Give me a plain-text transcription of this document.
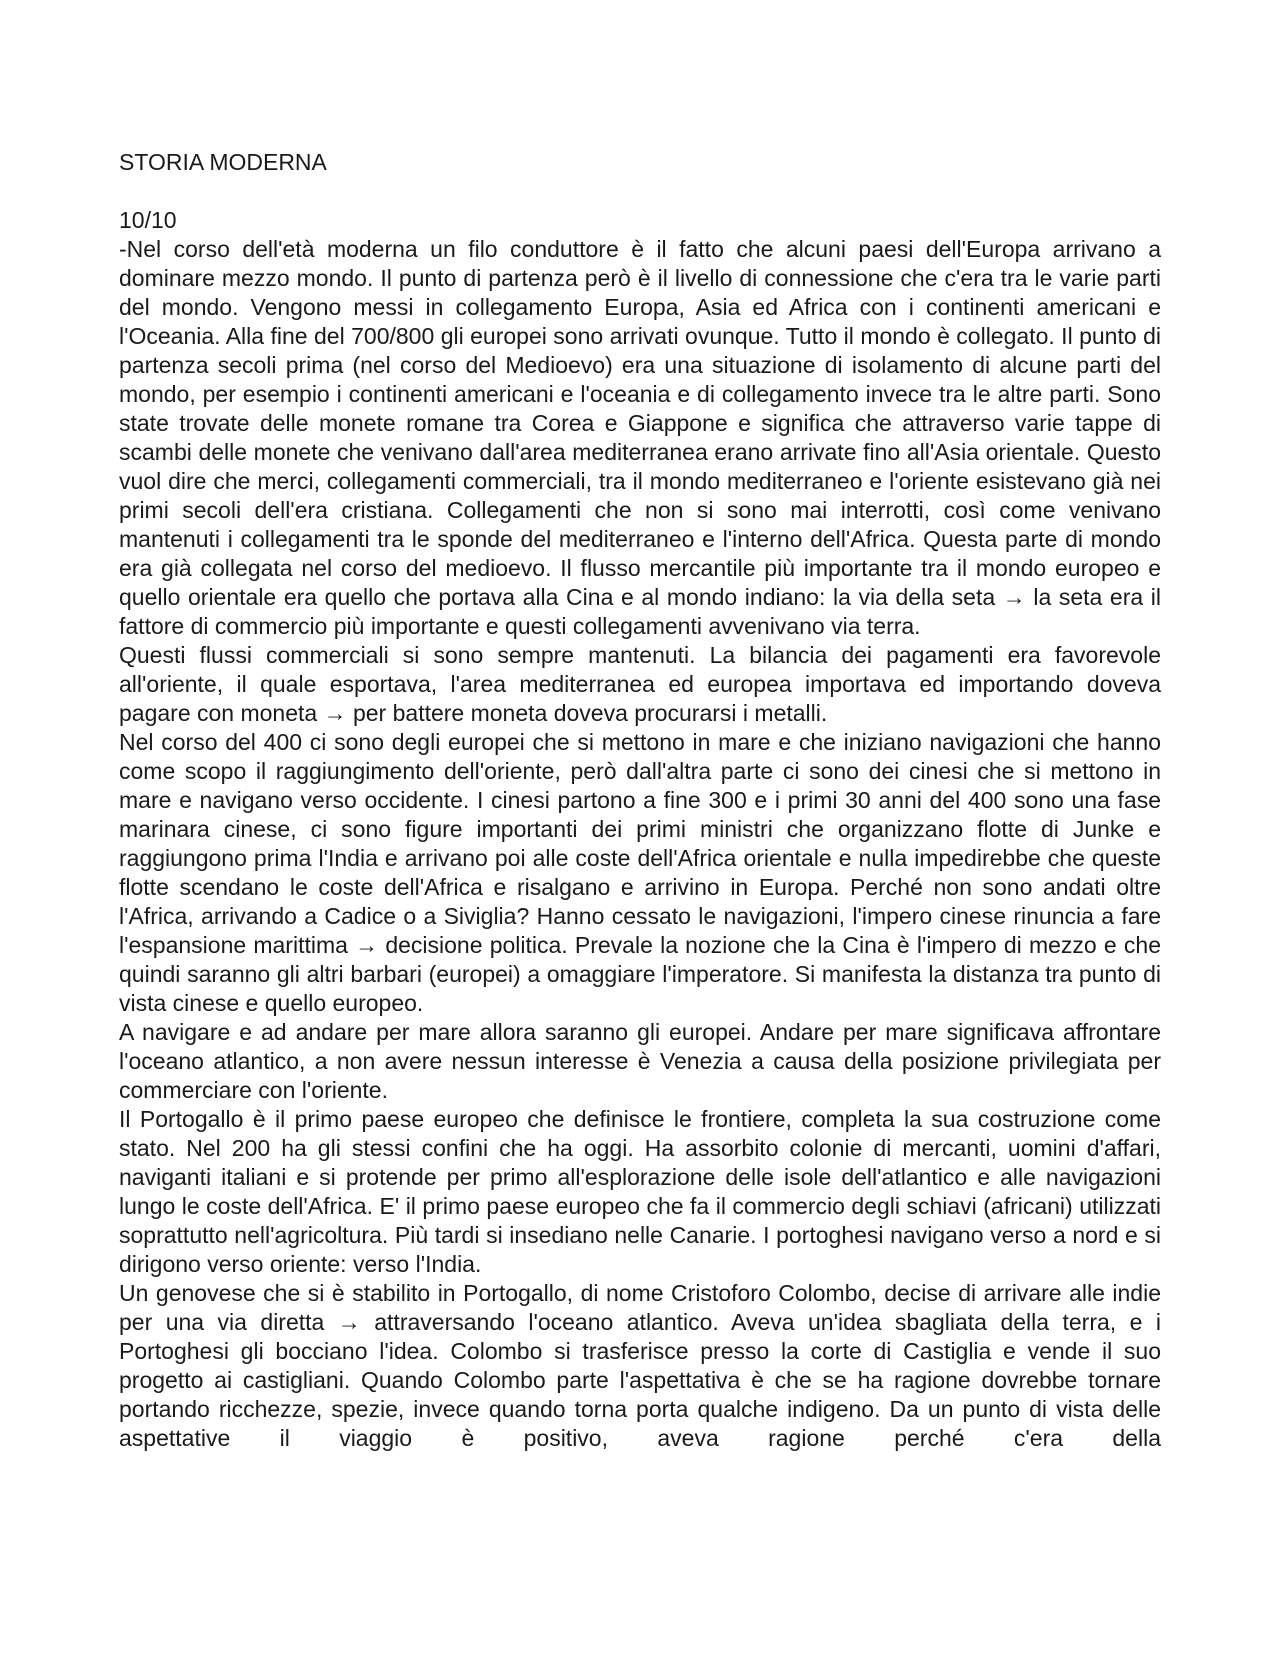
STORIA MODERNA

10/10

-Nel corso dell'età moderna un filo conduttore è il fatto che alcuni paesi dell'Europa arrivano a dominare mezzo mondo. Il punto di partenza però è il livello di connessione che c'era tra le varie parti del mondo. Vengono messi in collegamento Europa, Asia ed Africa con i continenti americani e l'Oceania. Alla fine del 700/800 gli europei sono arrivati ovunque. Tutto il mondo è collegato. Il punto di partenza secoli prima (nel corso del Medioevo) era una situazione di isolamento di alcune parti del mondo, per esempio i continenti americani e l'oceania e di collegamento invece tra le altre parti. Sono state trovate delle monete romane tra Corea e Giappone e significa che attraverso varie tappe di scambi delle monete che venivano dall'area mediterranea erano arrivate fino all'Asia orientale. Questo vuol dire che merci, collegamenti commerciali, tra il mondo mediterraneo e l'oriente esistevano già nei primi secoli dell'era cristiana. Collegamenti che non si sono mai interrotti, così come venivano mantenuti i collegamenti tra le sponde del mediterraneo e l'interno dell'Africa. Questa parte di mondo era già collegata nel corso del medioevo. Il flusso mercantile più importante tra il mondo europeo e quello orientale era quello che portava alla Cina e al mondo indiano: la via della seta → la seta era il fattore di commercio più importante e questi collegamenti avvenivano via terra.

Questi flussi commerciali si sono sempre mantenuti. La bilancia dei pagamenti era favorevole all'oriente, il quale esportava, l'area mediterranea ed europea importava ed importando doveva pagare con moneta → per battere moneta doveva procurarsi i metalli.

Nel corso del 400 ci sono degli europei che si mettono in mare e che iniziano navigazioni che hanno come scopo il raggiungimento dell'oriente, però dall'altra parte ci sono dei cinesi che si mettono in mare e navigano verso occidente. I cinesi partono a fine 300 e i primi 30 anni del 400 sono una fase marinara cinese, ci sono figure importanti dei primi ministri che organizzano flotte di Junke e raggiungono prima l'India e arrivano poi alle coste dell'Africa orientale e nulla impedirebbe che queste flotte scendano le coste dell'Africa e risalgano e arrivino in Europa. Perché non sono andati oltre l'Africa, arrivando a Cadice o a Siviglia? Hanno cessato le navigazioni, l'impero cinese rinuncia a fare l'espansione marittima → decisione politica. Prevale la nozione che la Cina è l'impero di mezzo e che quindi saranno gli altri barbari (europei) a omaggiare l'imperatore. Si manifesta la distanza tra punto di vista cinese e quello europeo.

A navigare e ad andare per mare allora saranno gli europei. Andare per mare significava affrontare l'oceano atlantico, a non avere nessun interesse è Venezia a causa della posizione privilegiata per commerciare con l'oriente.

Il Portogallo è il primo paese europeo che definisce le frontiere, completa la sua costruzione come stato. Nel 200 ha gli stessi confini che ha oggi. Ha assorbito colonie di mercanti, uomini d'affari, naviganti italiani e si protende per primo all'esplorazione delle isole dell'atlantico e alle navigazioni lungo le coste dell'Africa. E' il primo paese europeo che fa il commercio degli schiavi (africani) utilizzati soprattutto nell'agricoltura. Più tardi si insediano nelle Canarie. I portoghesi navigano verso a nord e si dirigono verso oriente: verso l'India.

Un genovese che si è stabilito in Portogallo, di nome Cristoforo Colombo, decise di arrivare alle indie per una via diretta → attraversando l'oceano atlantico. Aveva un'idea sbagliata della terra, e i Portoghesi gli bocciano l'idea. Colombo si trasferisce presso la corte di Castiglia e vende il suo progetto ai castigliani. Quando Colombo parte l'aspettativa è che se ha ragione dovrebbe tornare portando ricchezze, spezie, invece quando torna porta qualche indigeno. Da un punto di vista delle aspettative il viaggio è positivo, aveva ragione perché c'era della
